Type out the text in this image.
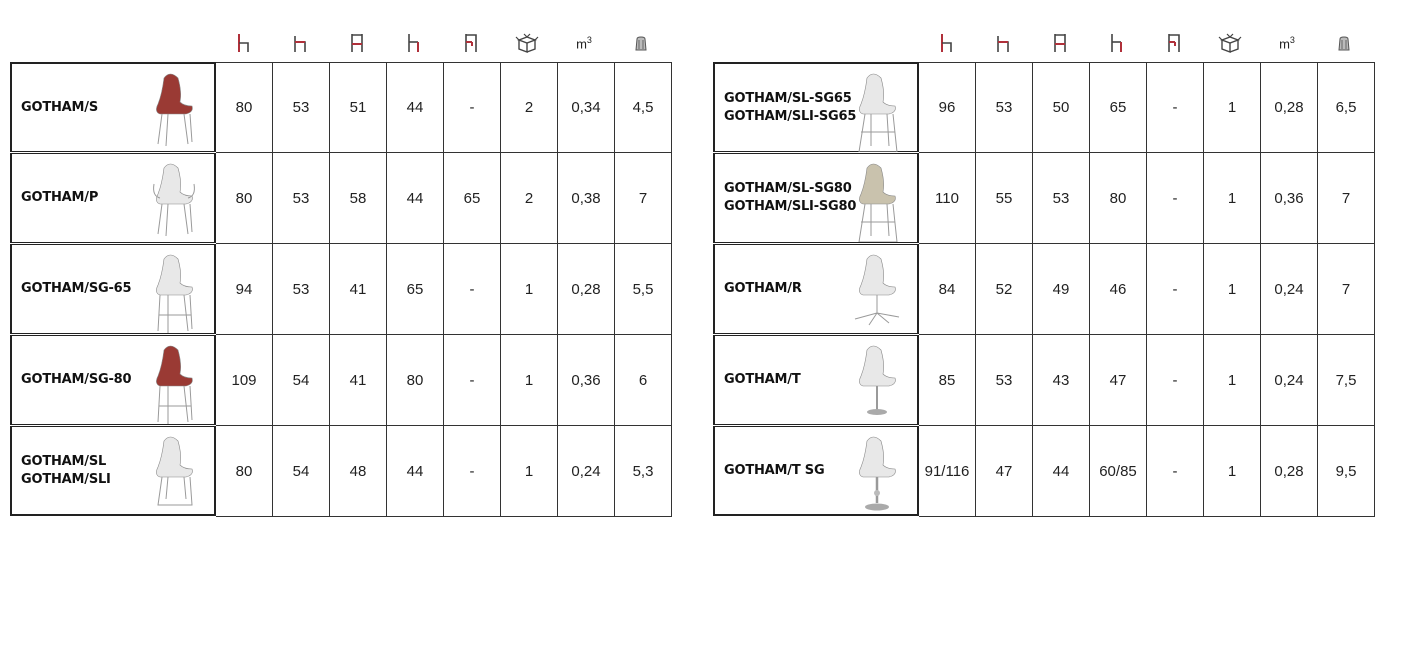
$m^3$
GOTHAM/S	80	53	51	44	-	2	0,34	4,5
GOTHAM/P	80	53	58	44	65	2	0,38	7
GOTHAM/SG-65	94	53	41	65	-	1	0,28	5,5
GOTHAM/SG-80	109	54	41	80	-	1	0,36	6
GOTHAM/SL
GOTHAM/SLI	80	54	48	44	-	1	0,24	5,3
$m^3$
GOTHAM/SL-SG65
GOTHAM/SLI-SG65	96	53	50	65	-	1	0,28	6,5
GOTHAM/SL-SG80
GOTHAM/SLI-SG80	110	55	53	80	-	1	0,36	7
GOTHAM/R	84	52	49	46	-	1	0,24	7
GOTHAM/T	85	53	43	47	-	1	0,24	7,5
GOTHAM/T SG	91/116	47	44	60/85	-	1	0,28	9,5
